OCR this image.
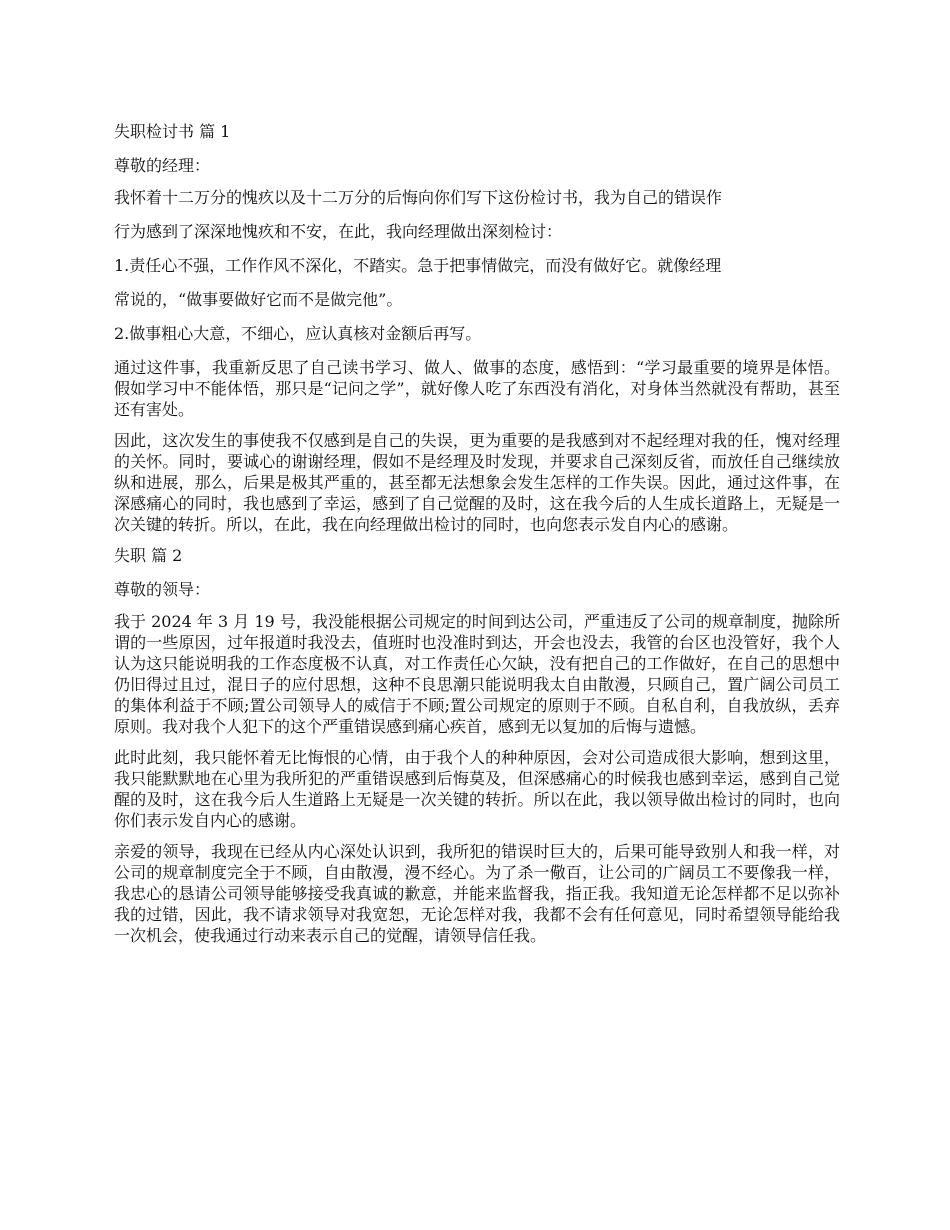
失职检讨书 篇 1
尊敬的经理：
我怀着十二万分的愧疚以及十二万分的后悔向你们写下这份检讨书，我为自己的错误作
行为感到了深深地愧疚和不安，在此，我向经理做出深刻检讨：
1.责任心不强，工作作风不深化，不踏实。急于把事情做完，而没有做好它。就像经理
常说的，“做事要做好它而不是做完他”。
2.做事粗心大意，不细心，应认真核对金额后再写。

通过这件事，我重新反思了自己读书学习、做人、做事的态度，感悟到：“学习最重要的境界是体悟。假如学习中不能体悟，那只是“记问之学”，就好像人吃了东西没有消化，对身体当然就没有帮助，甚至还有害处。

因此，这次发生的事使我不仅感到是自己的失误，更为重要的是我感到对不起经理对我的任，愧对经理的关怀。同时，要诚心的谢谢经理，假如不是经理及时发现，并要求自己深刻反省，而放任自己继续放纵和进展，那么，后果是极其严重的，甚至都无法想象会发生怎样的工作失误。因此，通过这件事，在深感痛心的同时，我也感到了幸运，感到了自己觉醒的及时，这在我今后的人生成长道路上，无疑是一次关键的转折。所以，在此，我在向经理做出检讨的同时，也向您表示发自内心的感谢。

失职 篇 2
尊敬的领导：

我于 2024 年 3 月 19 号，我没能根据公司规定的时间到达公司，严重违反了公司的规章制度，抛除所谓的一些原因，过年报道时我没去，值班时也没准时到达，开会也没去，我管的台区也没管好，我个人认为这只能说明我的工作态度极不认真，对工作责任心欠缺，没有把自己的工作做好，在自己的思想中仍旧得过且过，混日子的应付思想，这种不良思潮只能说明我太自由散漫，只顾自己，置广阔公司员工的集体利益于不顾;置公司领导人的威信于不顾;置公司规定的原则于不顾。自私自利，自我放纵，丢弃原则。我对我个人犯下的这个严重错误感到痛心疾首，感到无以复加的后悔与遗憾。

此时此刻，我只能怀着无比悔恨的心情，由于我个人的种种原因，会对公司造成很大影响，想到这里，我只能默默地在心里为我所犯的严重错误感到后悔莫及，但深感痛心的时候我也感到幸运，感到自己觉醒的及时，这在我今后人生道路上无疑是一次关键的转折。所以在此，我以领导做出检讨的同时，也向你们表示发自内心的感谢。

亲爱的领导，我现在已经从内心深处认识到，我所犯的错误时巨大的，后果可能导致别人和我一样，对公司的规章制度完全于不顾，自由散漫，漫不经心。为了杀一儆百，让公司的广阔员工不要像我一样，我忠心的恳请公司领导能够接受我真诚的歉意，并能来监督我，指正我。我知道无论怎样都不足以弥补我的过错，因此，我不请求领导对我宽恕，无论怎样对我，我都不会有任何意见，同时希望领导能给我一次机会，使我通过行动来表示自己的觉醒，请领导信任我。
